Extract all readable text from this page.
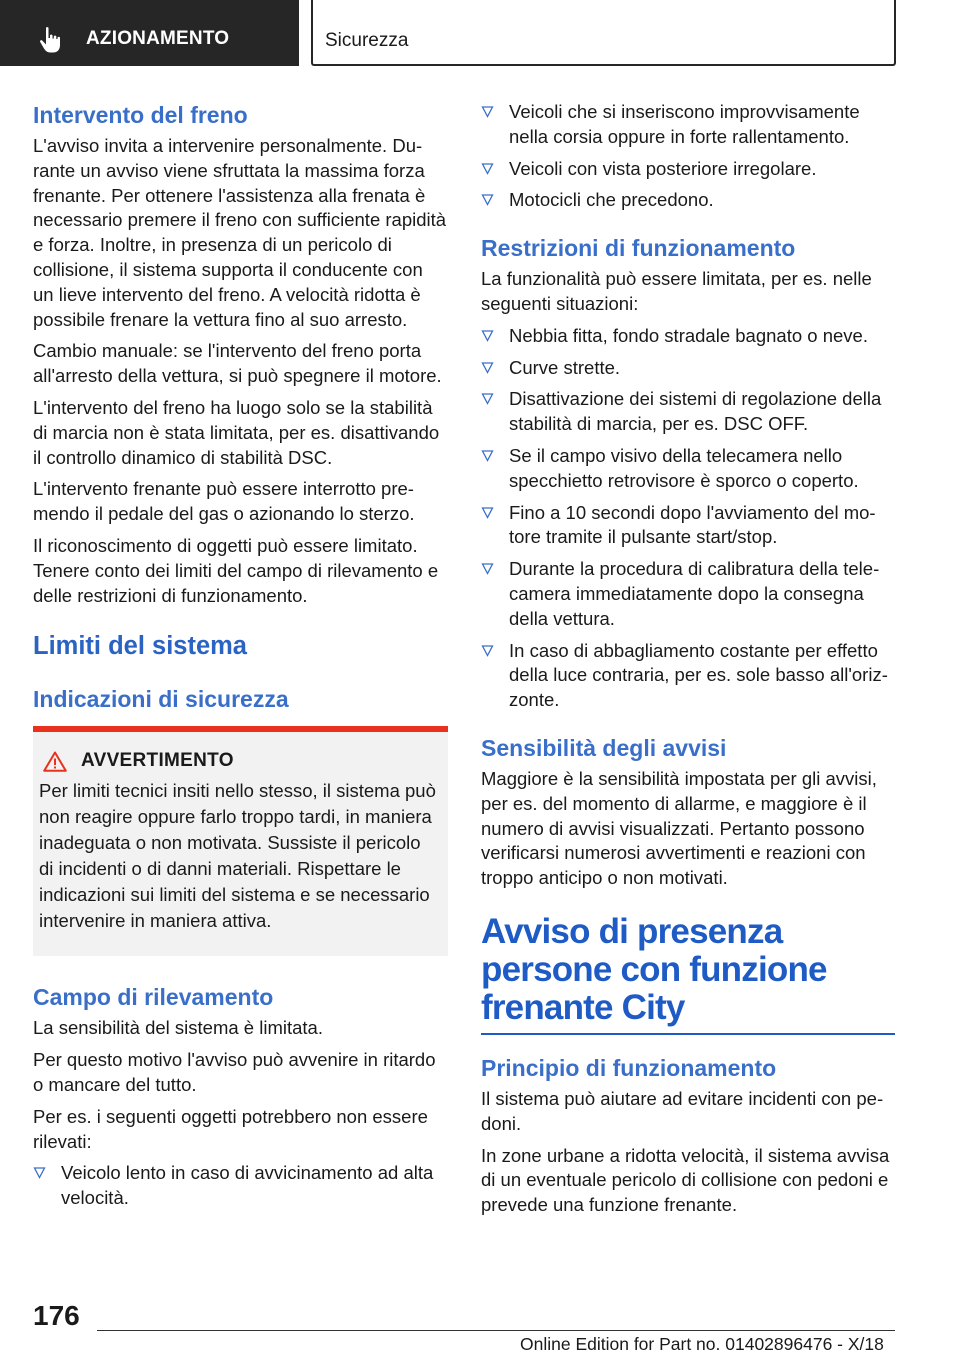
AZIONAMENTO	Sicurezza
Intervento del freno

L'avviso invita a intervenire personalmente. Durante un avviso viene sfruttata la massima forza frenante. Per ottenere l'assistenza alla frenata è necessario premere il freno con sufficiente rapidità e forza. Inoltre, in presenza di un pericolo di collisione, il sistema supporta il conducente con un lieve intervento del freno. A velocità ridotta è possibile frenare la vettura fino al suo arresto.

Cambio manuale: se l'intervento del freno porta all'arresto della vettura, si può spegnere il motore.

L'intervento del freno ha luogo solo se la stabilità di marcia non è stata limitata, per es. disattivando il controllo dinamico di stabilità DSC.

L'intervento frenante può essere interrotto premendo il pedale del gas o azionando lo sterzo.

Il riconoscimento di oggetti può essere limitato. Tenere conto dei limiti del campo di rilevamento e delle restrizioni di funzionamento.

Limiti del sistema
Indicazioni di sicurezza
AVVERTIMENTO

Per limiti tecnici insiti nello stesso, il sistema può non reagire oppure farlo troppo tardi, in maniera inadeguata o non motivata. Sussiste il pericolo di incidenti o di danni materiali. Rispettare le indicazioni sui limiti del sistema e se necessario intervenire in maniera attiva.

Campo di rilevamento

La sensibilità del sistema è limitata.

Per questo motivo l'avviso può avvenire in ritardo o mancare del tutto.

Per es. i seguenti oggetti potrebbero non essere rilevati:

Veicolo lento in caso di avvicinamento ad alta velocità.
Veicoli che si inseriscono improvvisamente nella corsia oppure in forte rallentamento.
Veicoli con vista posteriore irregolare.
Motocicli che precedono.
Restrizioni di funzionamento

La funzionalità può essere limitata, per es. nelle seguenti situazioni:

Nebbia fitta, fondo stradale bagnato o neve.
Curve strette.
Disattivazione dei sistemi di regolazione della stabilità di marcia, per es. DSC OFF.
Se il campo visivo della telecamera nello specchietto retrovisore è sporco o coperto.
Fino a 10 secondi dopo l'avviamento del motore tramite il pulsante start/stop.
Durante la procedura di calibratura della telecamera immediatamente dopo la consegna della vettura.
In caso di abbagliamento costante per effetto della luce contraria, per es. sole basso all'orizzonte.
Sensibilità degli avvisi

Maggiore è la sensibilità impostata per gli avvisi, per es. del momento di allarme, e maggiore è il numero di avvisi visualizzati. Pertanto possono verificarsi numerosi avvertimenti e reazioni con troppo anticipo o non motivati.

Avviso di presenza persone con funzione frenante City
Principio di funzionamento

Il sistema può aiutare ad evitare incidenti con pedoni.

In zone urbane a ridotta velocità, il sistema avvisa di un eventuale pericolo di collisione con pedoni e prevede una funzione frenante.

176
Online Edition for Part no. 01402896476 - X/18
